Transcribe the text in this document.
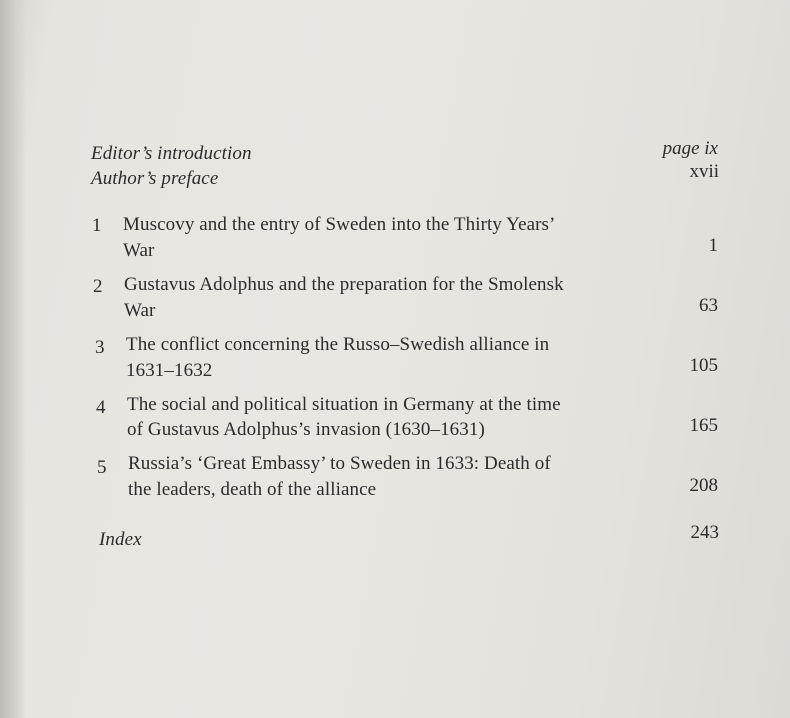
Editor’s introduction	page ix
Author’s preface	xvii
1 Muscovy and the entry of Sweden into the Thirty Years’
War	1
2 Gustavus Adolphus and the preparation for the Smolensk
War	63
3 The conflict concerning the Russo–Swedish alliance in
1631–1632	105
4 The social and political situation in Germany at the time
of Gustavus Adolphus’s invasion (1630–1631)	165
5 Russia’s ‘Great Embassy’ to Sweden in 1633: Death of
the leaders, death of the alliance	208
Index	243
